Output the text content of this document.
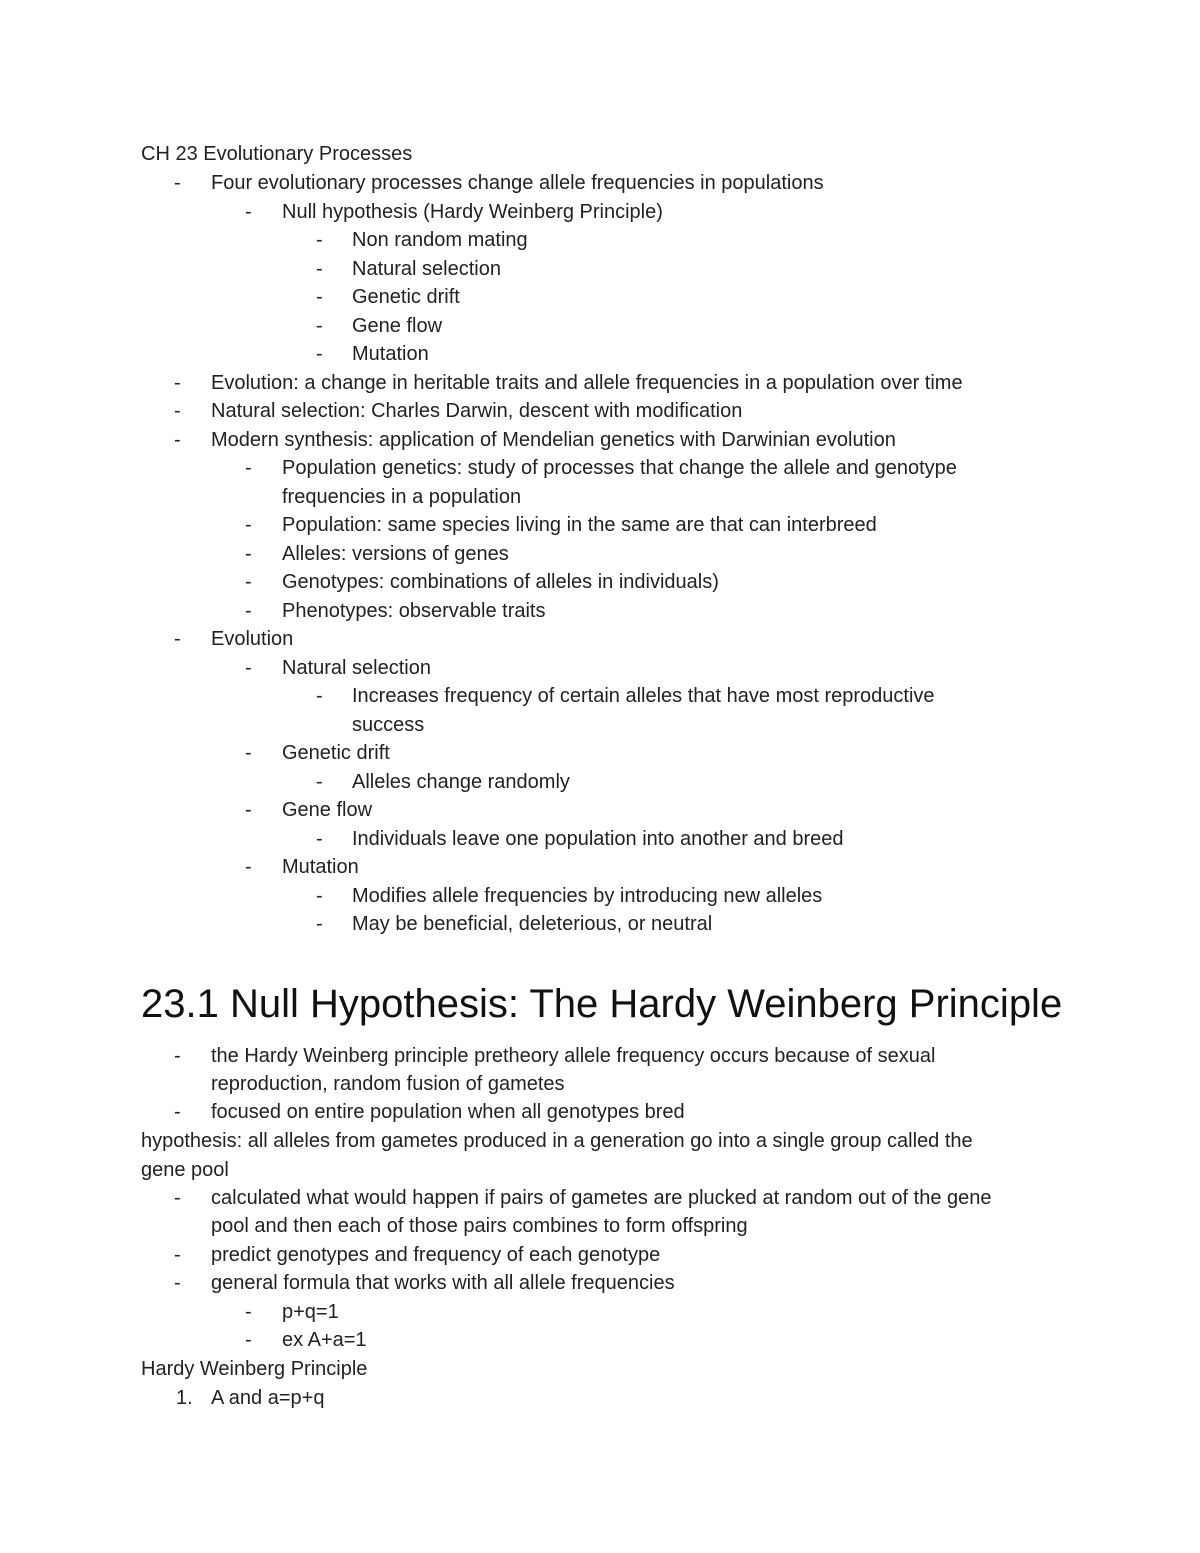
CH 23 Evolutionary Processes
- Four evolutionary processes change allele frequencies in populations
- Null hypothesis (Hardy Weinberg Principle)
- Non random mating
- Natural selection
- Genetic drift
- Gene flow
- Mutation
- Evolution: a change in heritable traits and allele frequencies in a population over time
- Natural selection: Charles Darwin, descent with modification
- Modern synthesis: application of Mendelian genetics with Darwinian evolution
- Population genetics: study of processes that change the allele and genotype
frequencies in a population
- Population: same species living in the same are that can interbreed
- Alleles: versions of genes
- Genotypes: combinations of alleles in individuals)
- Phenotypes: observable traits
- Evolution
- Natural selection
- Increases frequency of certain alleles that have most reproductive
success
- Genetic drift
- Alleles change randomly
- Gene flow
- Individuals leave one population into another and breed
- Mutation
- Modifies allele frequencies by introducing new alleles
- May be beneficial, deleterious, or neutral
23.1 Null Hypothesis: The Hardy Weinberg Principle
- the Hardy Weinberg principle pretheory allele frequency occurs because of sexual
reproduction, random fusion of gametes
- focused on entire population when all genotypes bred
hypothesis: all alleles from gametes produced in a generation go into a single group called the
gene pool
- calculated what would happen if pairs of gametes are plucked at random out of the gene
pool and then each of those pairs combines to form offspring
- predict genotypes and frequency of each genotype
- general formula that works with all allele frequencies
- p+q=1
- ex A+a=1
Hardy Weinberg Principle
1. A and a=p+q
